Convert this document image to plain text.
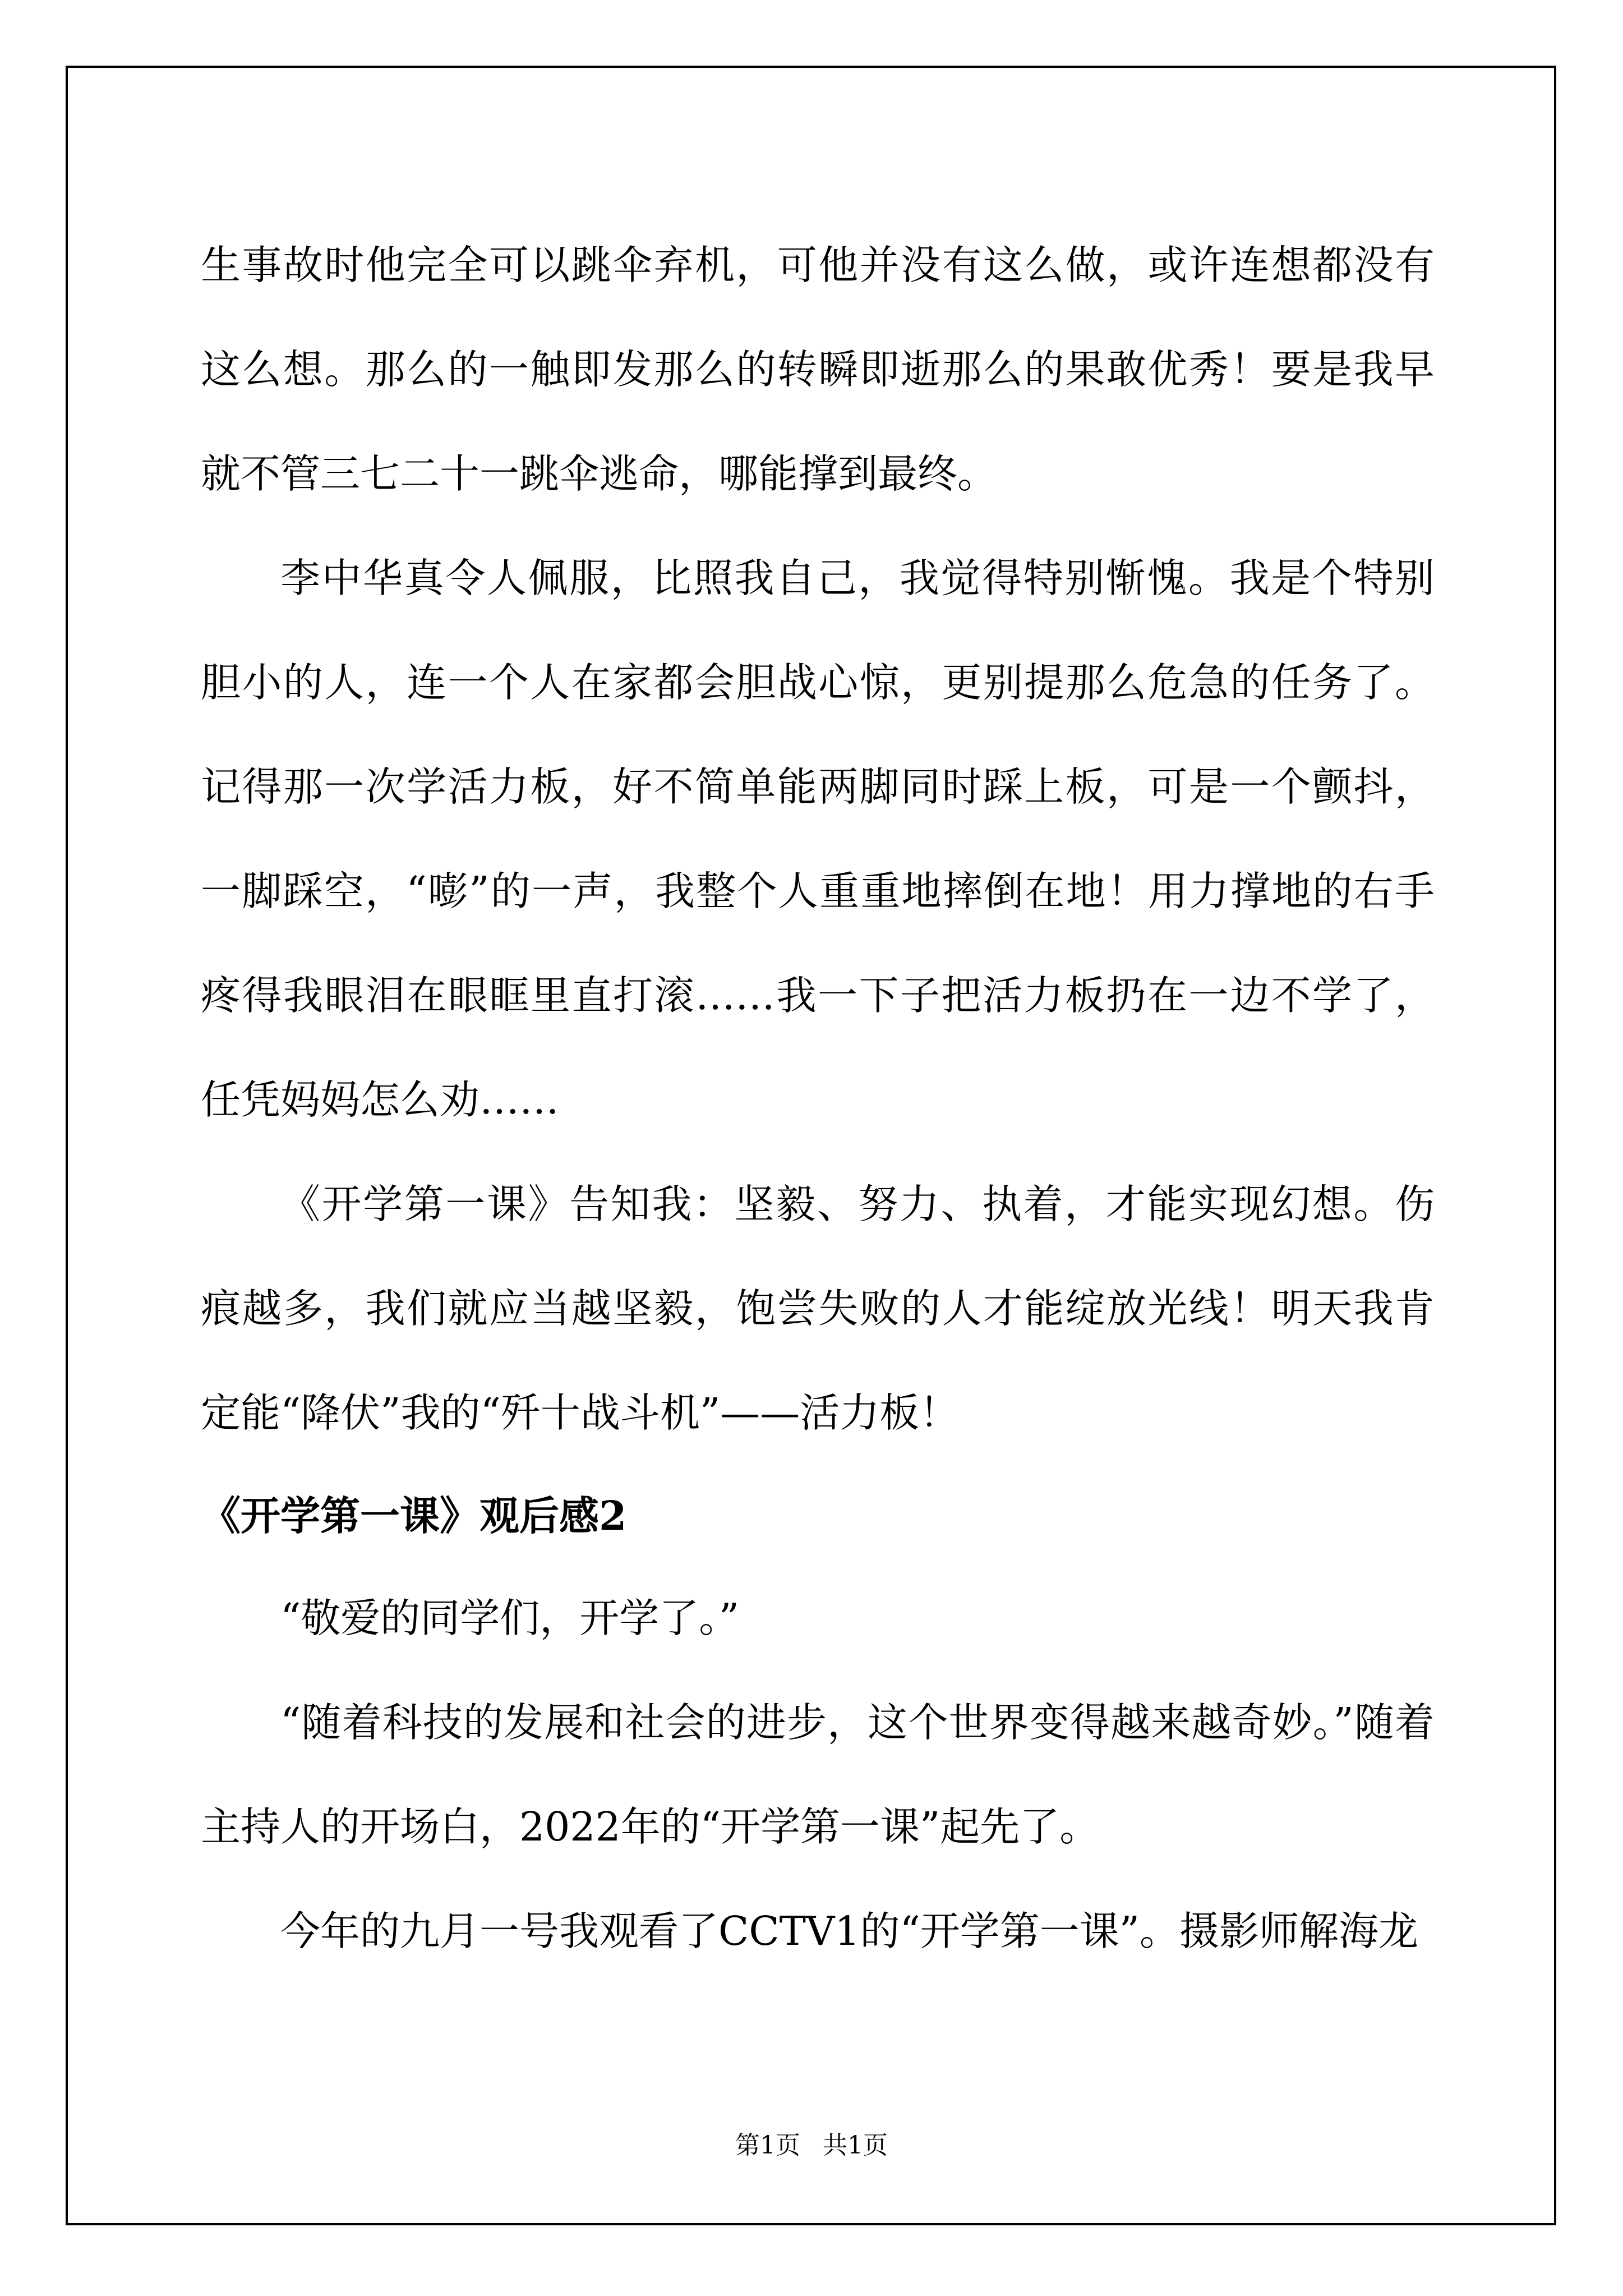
生事故时他完全可以跳伞弃机，可他并没有这么做，或许连想都没有这么想。那么的一触即发那么的转瞬即逝那么的果敢优秀！要是我早就不管三七二十一跳伞逃命，哪能撑到最终。

李中华真令人佩服，比照我自己，我觉得特别惭愧。我是个特别胆小的人，连一个人在家都会胆战心惊，更别提那么危急的任务了。记得那一次学活力板，好不简单能两脚同时踩上板，可是一个颤抖，一脚踩空，“嘭”的一声，我整个人重重地摔倒在地！用力撑地的右手疼得我眼泪在眼眶里直打滚……我一下子把活力板扔在一边不学了，任凭妈妈怎么劝……

《开学第一课》告知我：坚毅、努力、执着，才能实现幻想。伤痕越多，我们就应当越坚毅，饱尝失败的人才能绽放光线！明天我肯定能“降伏”我的“歼十战斗机”——活力板！

《开学第一课》观后感2

“敬爱的同学们，开学了。”

“随着科技的发展和社会的进步，这个世界变得越来越奇妙。”随着主持人的开场白，2022年的“开学第一课”起先了。

今年的九月一号我观看了CCTV1的“开学第一课”。摄影师解海龙

第1页 共1页
